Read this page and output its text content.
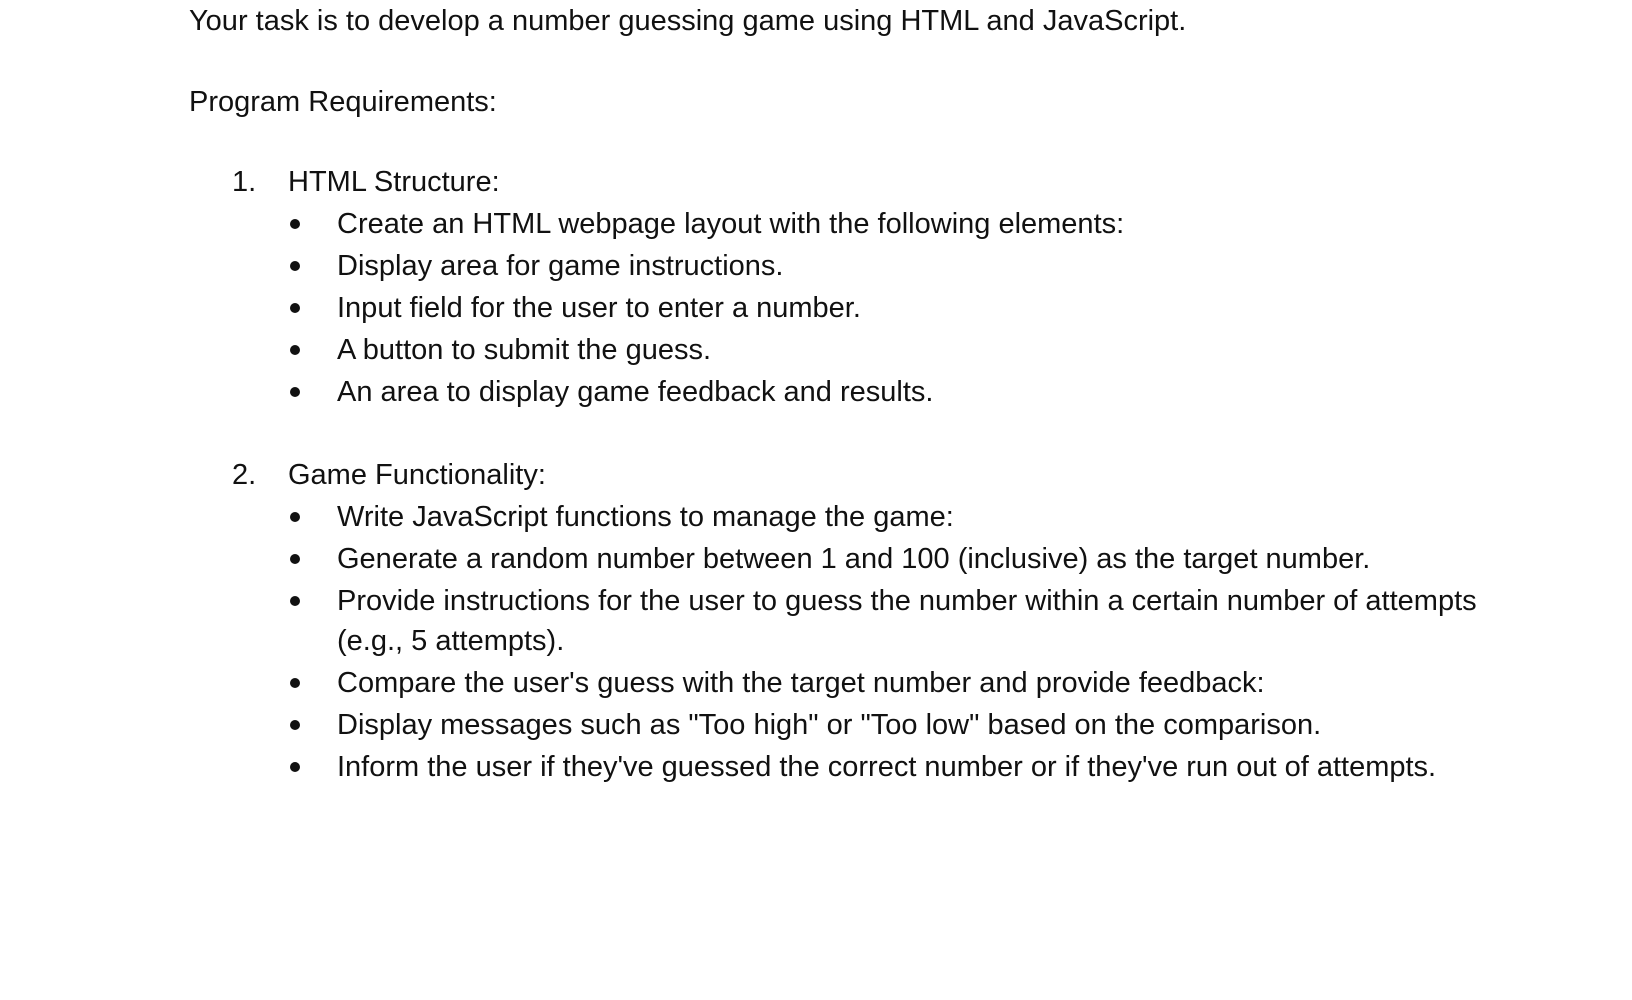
Your task is to develop a number guessing game using HTML and JavaScript.
Program Requirements:
1. HTML Structure:
Create an HTML webpage layout with the following elements:
Display area for game instructions.
Input field for the user to enter a number.
A button to submit the guess.
An area to display game feedback and results.
2. Game Functionality:
Write JavaScript functions to manage the game:
Generate a random number between 1 and 100 (inclusive) as the target number.
Provide instructions for the user to guess the number within a certain number of attempts (e.g., 5 attempts).
Compare the user's guess with the target number and provide feedback:
Display messages such as "Too high" or "Too low" based on the comparison.
Inform the user if they've guessed the correct number or if they've run out of attempts.
